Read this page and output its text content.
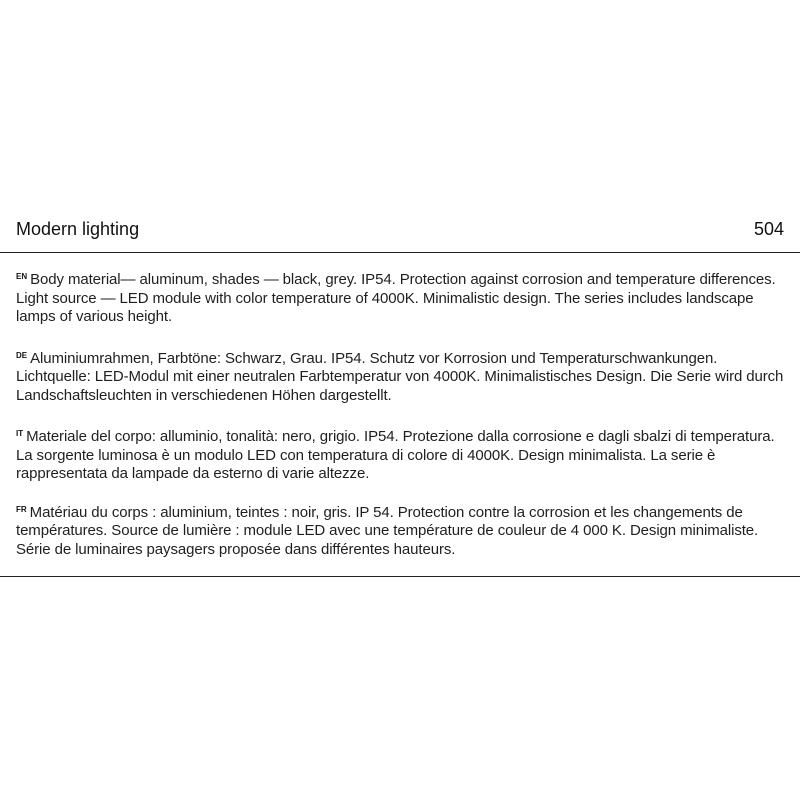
Modern lighting	504

$^{EN}$ Body material— aluminum, shades — black, grey. IP54. Protection against corrosion and temperature differences. Light source — LED module with color temperature of 4000K. Minimalistic design. The series includes landscape lamps of various height.

$^{DE}$ Aluminiumrahmen, Farbtöne: Schwarz, Grau. IP54. Schutz vor Korrosion und Temperaturschwankungen. Lichtquelle: LED-Modul mit einer neutralen Farbtemperatur von 4000K. Minimalistisches Design. Die Serie wird durch Landschaftsleuchten in verschiedenen Höhen dargestellt.

$^{IT}$ Materiale del corpo: alluminio, tonalità: nero, grigio. IP54. Protezione dalla corrosione e dagli sbalzi di temperatura. La sorgente luminosa è un modulo LED con temperatura di colore di 4000K. Design minimalista. La serie è rappresentata da lampade da esterno di varie altezze.

$^{FR}$ Matériau du corps : aluminium, teintes : noir, gris. IP 54. Protection contre la corrosion et les changements de températures. Source de lumière : module LED avec une température de couleur de 4 000 K. Design minimaliste. Série de luminaires paysagers proposée dans différentes hauteurs.
